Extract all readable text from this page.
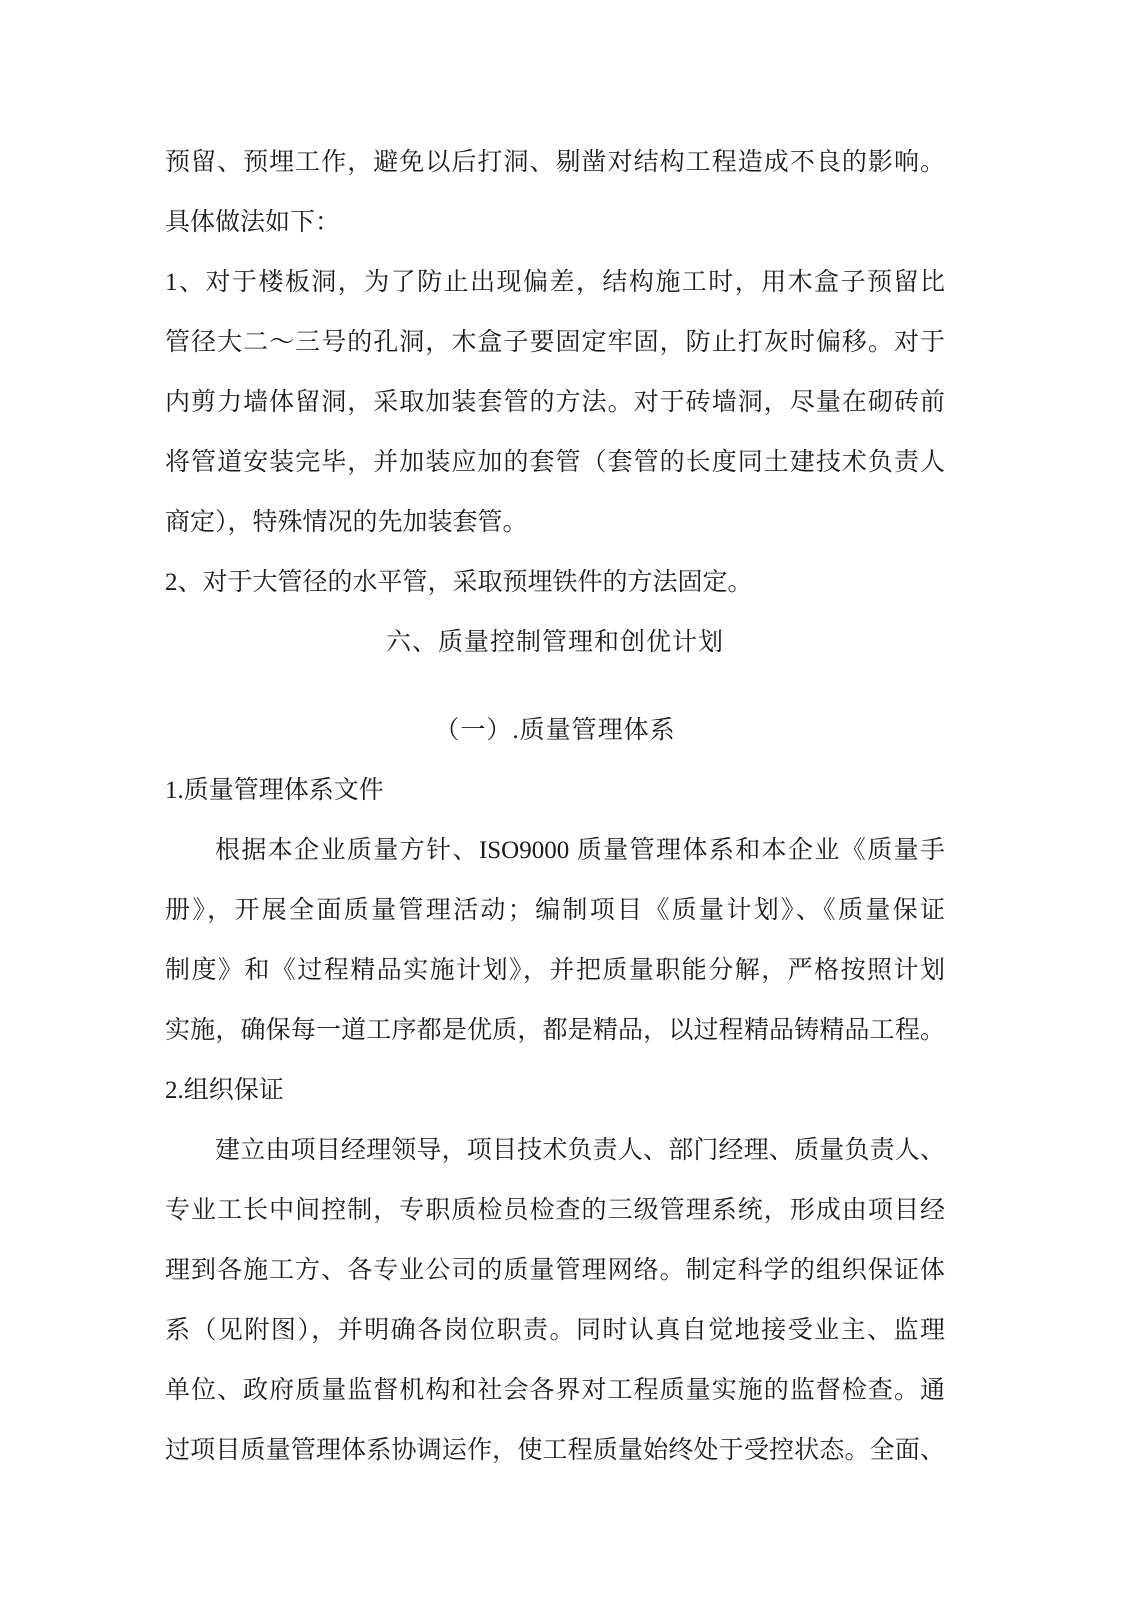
预留、预埋工作，避免以后打洞、剔凿对结构工程造成不良的影响。
具体做法如下：
1、对于楼板洞，为了防止出现偏差，结构施工时，用木盒子预留比
管径大二～三号的孔洞，木盒子要固定牢固，防止打灰时偏移。对于
内剪力墙体留洞，采取加装套管的方法。对于砖墙洞，尽量在砌砖前
将管道安装完毕，并加装应加的套管（套管的长度同土建技术负责人
商定），特殊情况的先加装套管。
2、对于大管径的水平管，采取预埋铁件的方法固定。
六、质量控制管理和创优计划
（一）.质量管理体系
1.质量管理体系文件
根据本企业质量方针、ISO9000 质量管理体系和本企业《质量手
册》，开展全面质量管理活动；编制项目《质量计划》、《质量保证
制度》和《过程精品实施计划》，并把质量职能分解，严格按照计划
实施，确保每一道工序都是优质，都是精品，以过程精品铸精品工程。
2.组织保证
建立由项目经理领导，项目技术负责人、部门经理、质量负责人、
专业工长中间控制，专职质检员检查的三级管理系统，形成由项目经
理到各施工方、各专业公司的质量管理网络。制定科学的组织保证体
系（见附图），并明确各岗位职责。同时认真自觉地接受业主、监理
单位、政府质量监督机构和社会各界对工程质量实施的监督检查。通
过项目质量管理体系协调运作，使工程质量始终处于受控状态。全面、
